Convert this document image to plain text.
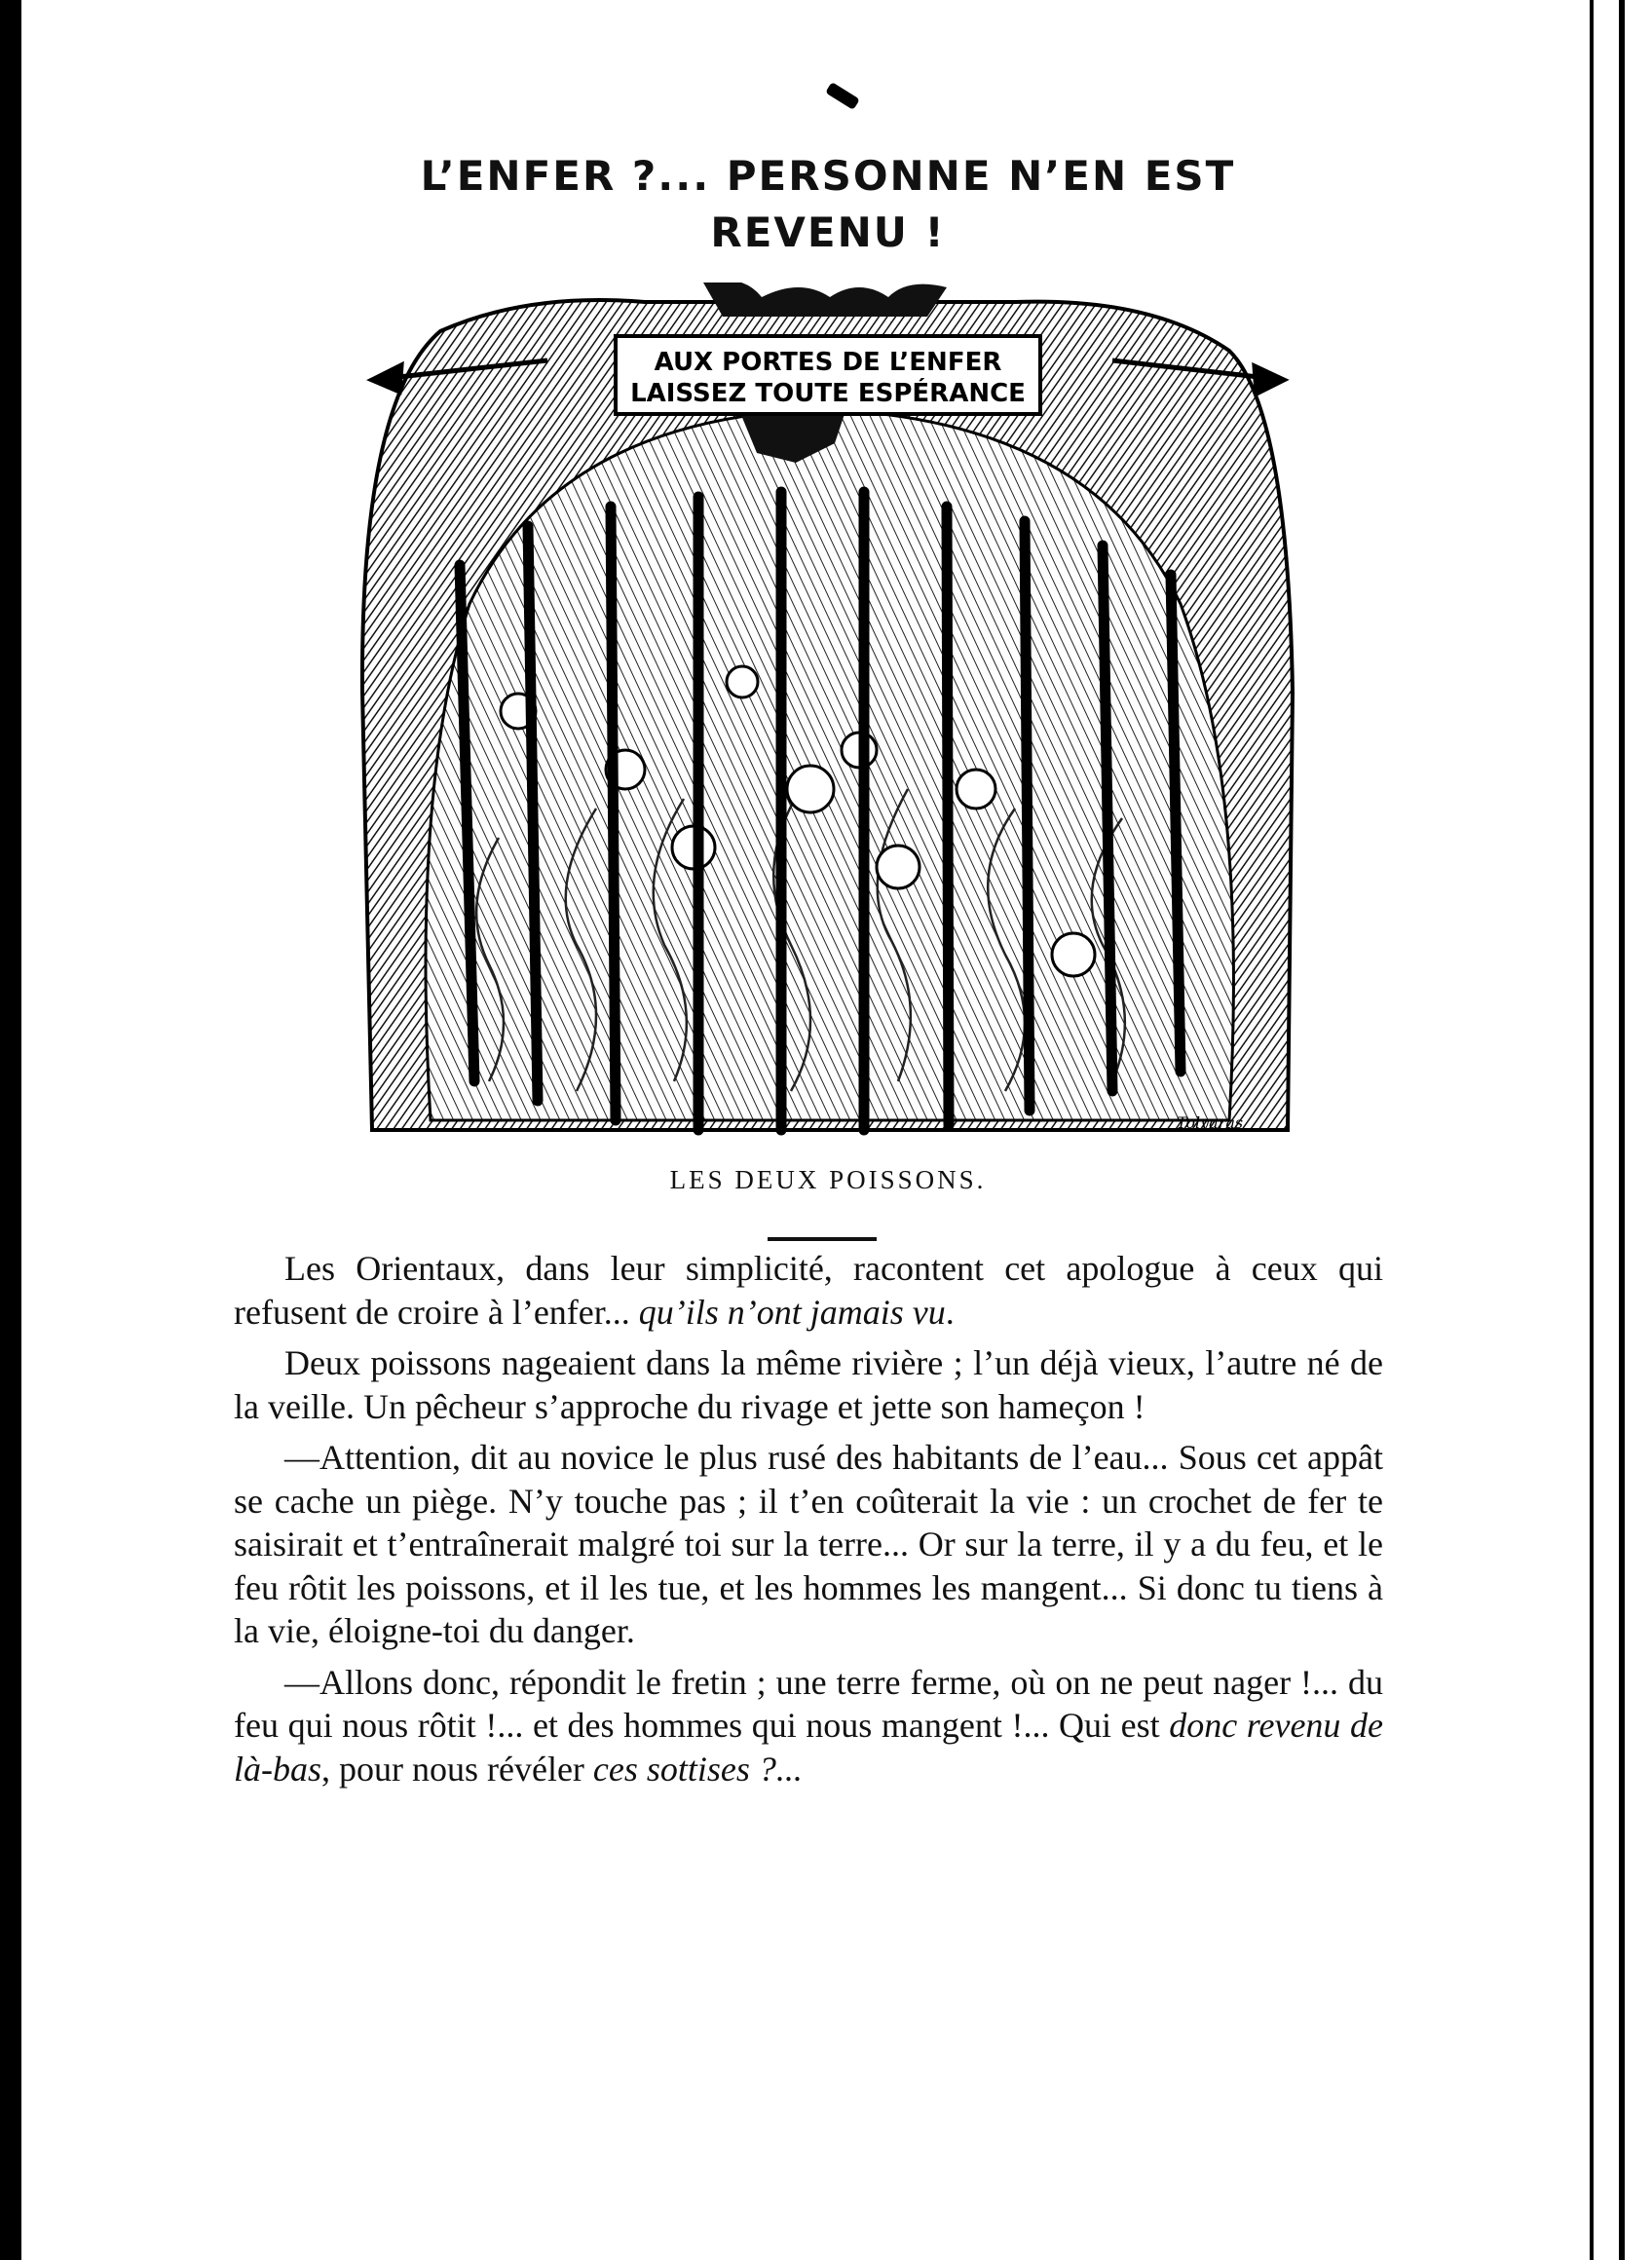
L’ENFER ?... PERSONNE N’EN EST
REVENU !
AUX PORTES DE L’ENFER
LAISSEZ TOUTE ESPÉRANCE
Tolyaras

LES DEUX POISSONS.

Les Orientaux, dans leur simplicité, racontent cet apologue à ceux qui refusent de croire à l’enfer... qu’ils n’ont jamais vu.

Deux poissons nageaient dans la même rivière ; l’un déjà vieux, l’autre né de la veille. Un pêcheur s’approche du rivage et jette son hameçon !

—Attention, dit au novice le plus rusé des habitants de l’eau... Sous cet appât se cache un piège. N’y touche pas ; il t’en coûterait la vie : un crochet de fer te saisirait et t’entraînerait malgré toi sur la terre... Or sur la terre, il y a du feu, et le feu rôtit les poissons, et il les tue, et les hommes les mangent... Si donc tu tiens à la vie, éloigne-toi du danger.

—Allons donc, répondit le fretin ; une terre ferme, où on ne peut nager !... du feu qui nous rôtit !... et des hommes qui nous mangent !... Qui est donc revenu de là-bas, pour nous révéler ces sottises ?...
